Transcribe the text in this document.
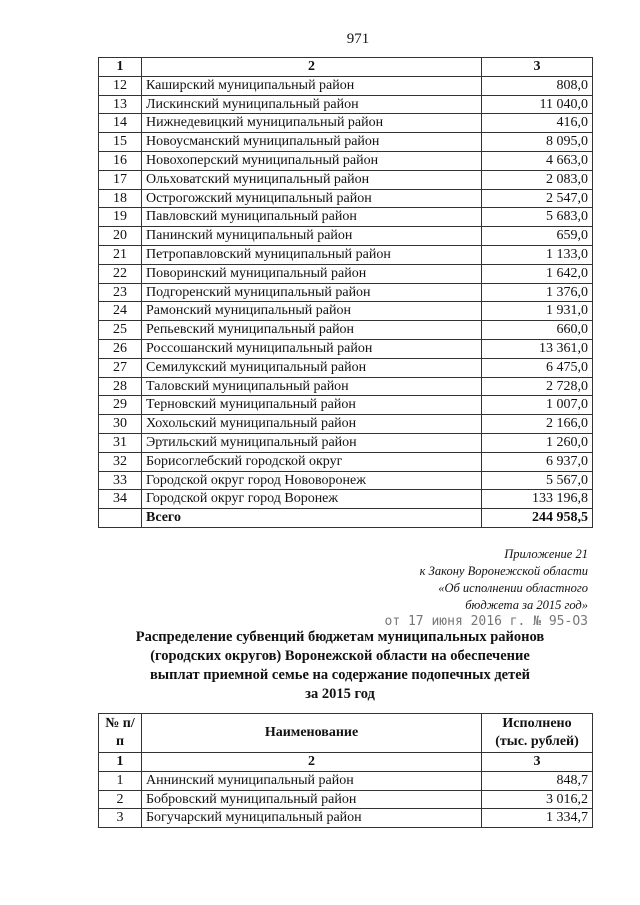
971
1	2	3
12	Каширский муниципальный район	808,0
13	Лискинский муниципальный район	11 040,0
14	Нижнедевицкий муниципальный район	416,0
15	Новоусманский муниципальный район	8 095,0
16	Новохоперский муниципальный район	4 663,0
17	Ольховатский муниципальный район	2 083,0
18	Острогожский муниципальный район	2 547,0
19	Павловский муниципальный район	5 683,0
20	Панинский муниципальный район	659,0
21	Петропавловский муниципальный район	1 133,0
22	Поворинский муниципальный район	1 642,0
23	Подгоренский муниципальный район	1 376,0
24	Рамонский муниципальный район	1 931,0
25	Репьевский муниципальный район	660,0
26	Россошанский муниципальный район	13 361,0
27	Семилукский муниципальный район	6 475,0
28	Таловский муниципальный район	2 728,0
29	Терновский муниципальный район	1 007,0
30	Хохольский муниципальный район	2 166,0
31	Эртильский муниципальный район	1 260,0
32	Борисоглебский городской округ	6 937,0
33	Городской округ город Нововоронеж	5 567,0
34	Городской округ город Воронеж	133 196,8
	Всего	244 958,5
Приложение 21
к Закону Воронежской области
«Об исполнении областного
бюджета за 2015 год»
от 17 июня 2016 г. № 95-ОЗ
Распределение субвенций бюджетам муниципальных районов
(городских округов) Воронежской области на обеспечение
выплат приемной семье на содержание подопечных детей
за 2015 год
№ п/п	Наименование	Исполнено (тыс. рублей)
1	2	3
1	Аннинский муниципальный район	848,7
2	Бобровский муниципальный район	3 016,2
3	Богучарский муниципальный район	1 334,7
